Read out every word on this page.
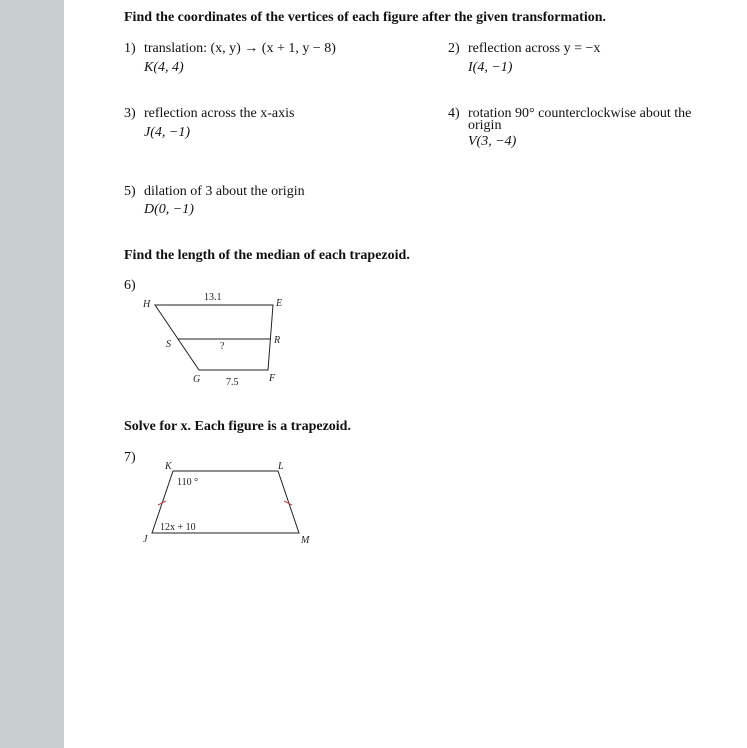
Find the coordinates of the vertices of each figure after the given transformation.
1) translation: (x, y) → (x + 1, y − 8)
K(4, 4)
2) reflection across y = −x
I(4, −1)
3) reflection across the x-axis
J(4, −1)
4) rotation 90° counterclockwise about the
origin
V(3, −4)
5) dilation of 3 about the origin
D(0, −1)
Find the length of the median of each trapezoid.
6)
Solve for x. Each figure is a trapezoid.
7)
H
13.1
E
S	?
R
G	7.5	F
K	L
110 °
12x + 10
J	M
